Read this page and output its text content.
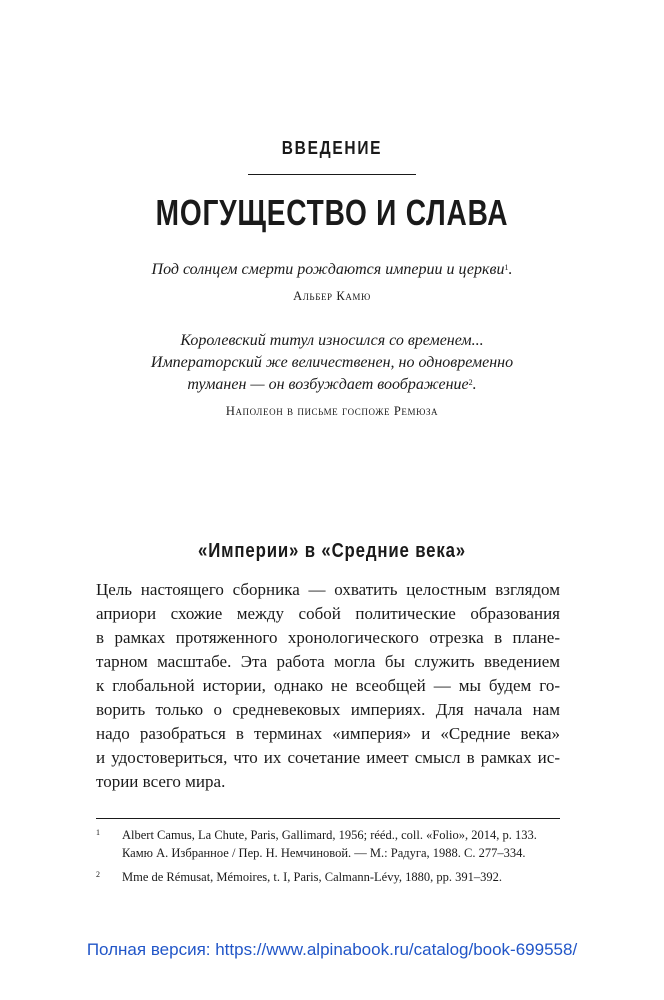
ВВЕДЕНИЕ
МОГУЩЕСТВО И СЛАВА

Под солнцем смерти рождаются империи и церкви$^1$.

Альбер Камю

Королевский титул износился со временем...
Императорский же величественен, но одновременно
туманен — он возбуждает воображение$^2$.

Наполеон в письме госпоже Ремюза
«Империи» в «Средние века»
Цель настоящего сборника — охватить целостным взглядом
априори схожие между собой политические образования
в рамках протяженного хронологического отрезка в плане-
тарном масштабе. Эта работа могла бы служить введением
к глобальной истории, однако не всеобщей — мы будем го-
ворить только о средневековых империях. Для начала нам
надо разобраться в терминах «империя» и «Средние века»
и удостовериться, что их сочетание имеет смысл в рамках ис-
тории всего мира.
1	Albert Camus, La Chute, Paris, Gallimard, 1956; rééd., coll. «Folio», 2014, p. 133.
Камю А. Избранное / Пер. Н. Немчиновой. — М.: Радуга, 1988. С. 277–334.
2	Mme de Rémusat, Mémoires, t. I, Paris, Calmann-Lévy, 1880, pp. 391–392.
Полная версия: https://www.alpinabook.ru/catalog/book-699558/
